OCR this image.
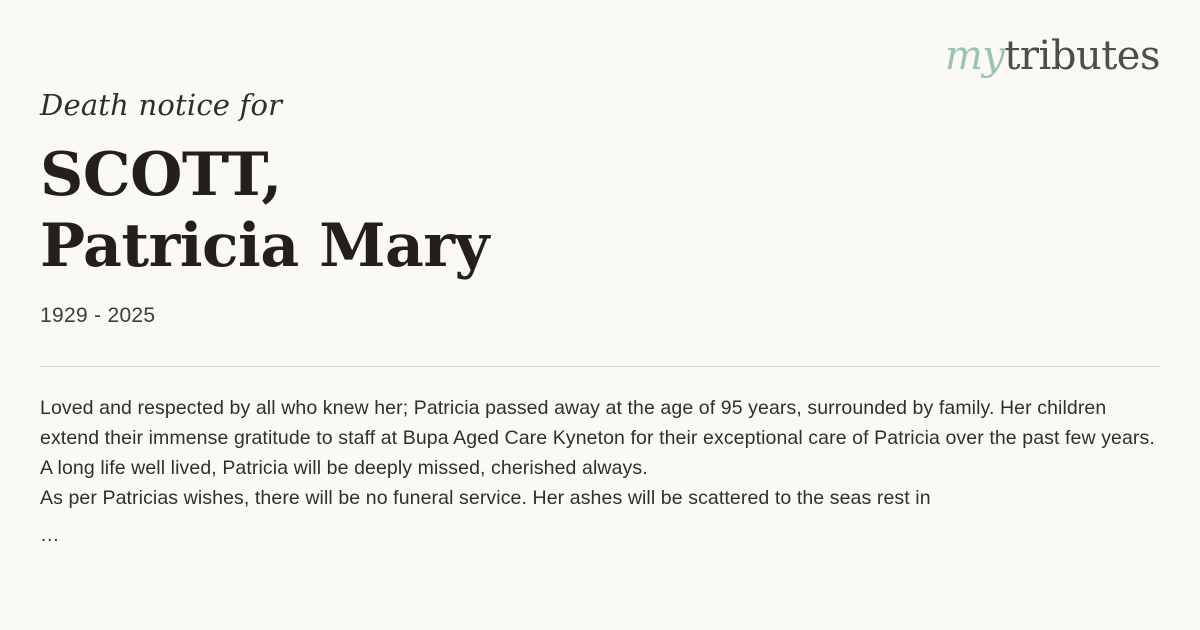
mytributes
Death notice for
SCOTT,
Patricia Mary
1929 - 2025

Loved and respected by all who knew her; Patricia passed away at the age of 95 years, surrounded by family. Her children extend their immense gratitude to staff at Bupa Aged Care Kyneton for their exceptional care of Patricia over the past few years.

A long life well lived, Patricia will be deeply missed, cherished always.

As per Patricias wishes, there will be no funeral service. Her ashes will be scattered to the seas rest in

…
